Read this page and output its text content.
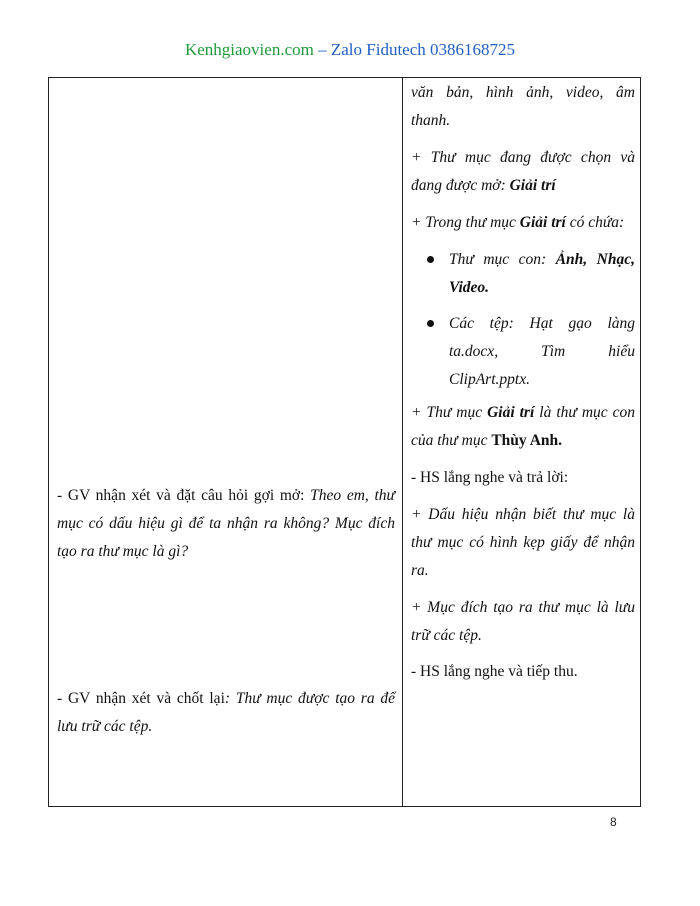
Kenhgiaovien.com – Zalo Fidutech 0386168725
- GV nhận xét và đặt câu hỏi gợi mở: Theo em, thư
mục có dấu hiệu gì để ta nhận ra không? Mục đích
tạo ra thư mục là gì?
- GV nhận xét và chốt lại: Thư mục được tạo ra để
lưu trữ các tệp.
văn bản, hình ảnh, video, âm
thanh.
+ Thư mục đang được chọn và
đang được mở: Giải trí
+ Trong thư mục Giải trí có chứa:
Thư mục con: Ảnh, Nhạc,
Video.
Các tệp: Hạt gạo làng
ta.docx, Tìm hiểu
ClipArt.pptx.
+ Thư mục Giải trí là thư mục con
của thư mục Thùy Anh.
- HS lắng nghe và trả lời:
+ Dấu hiệu nhận biết thư mục là
thư mục có hình kẹp giấy để nhận
ra.
+ Mục đích tạo ra thư mục là lưu
trữ các tệp.
- HS lắng nghe và tiếp thu.
8
